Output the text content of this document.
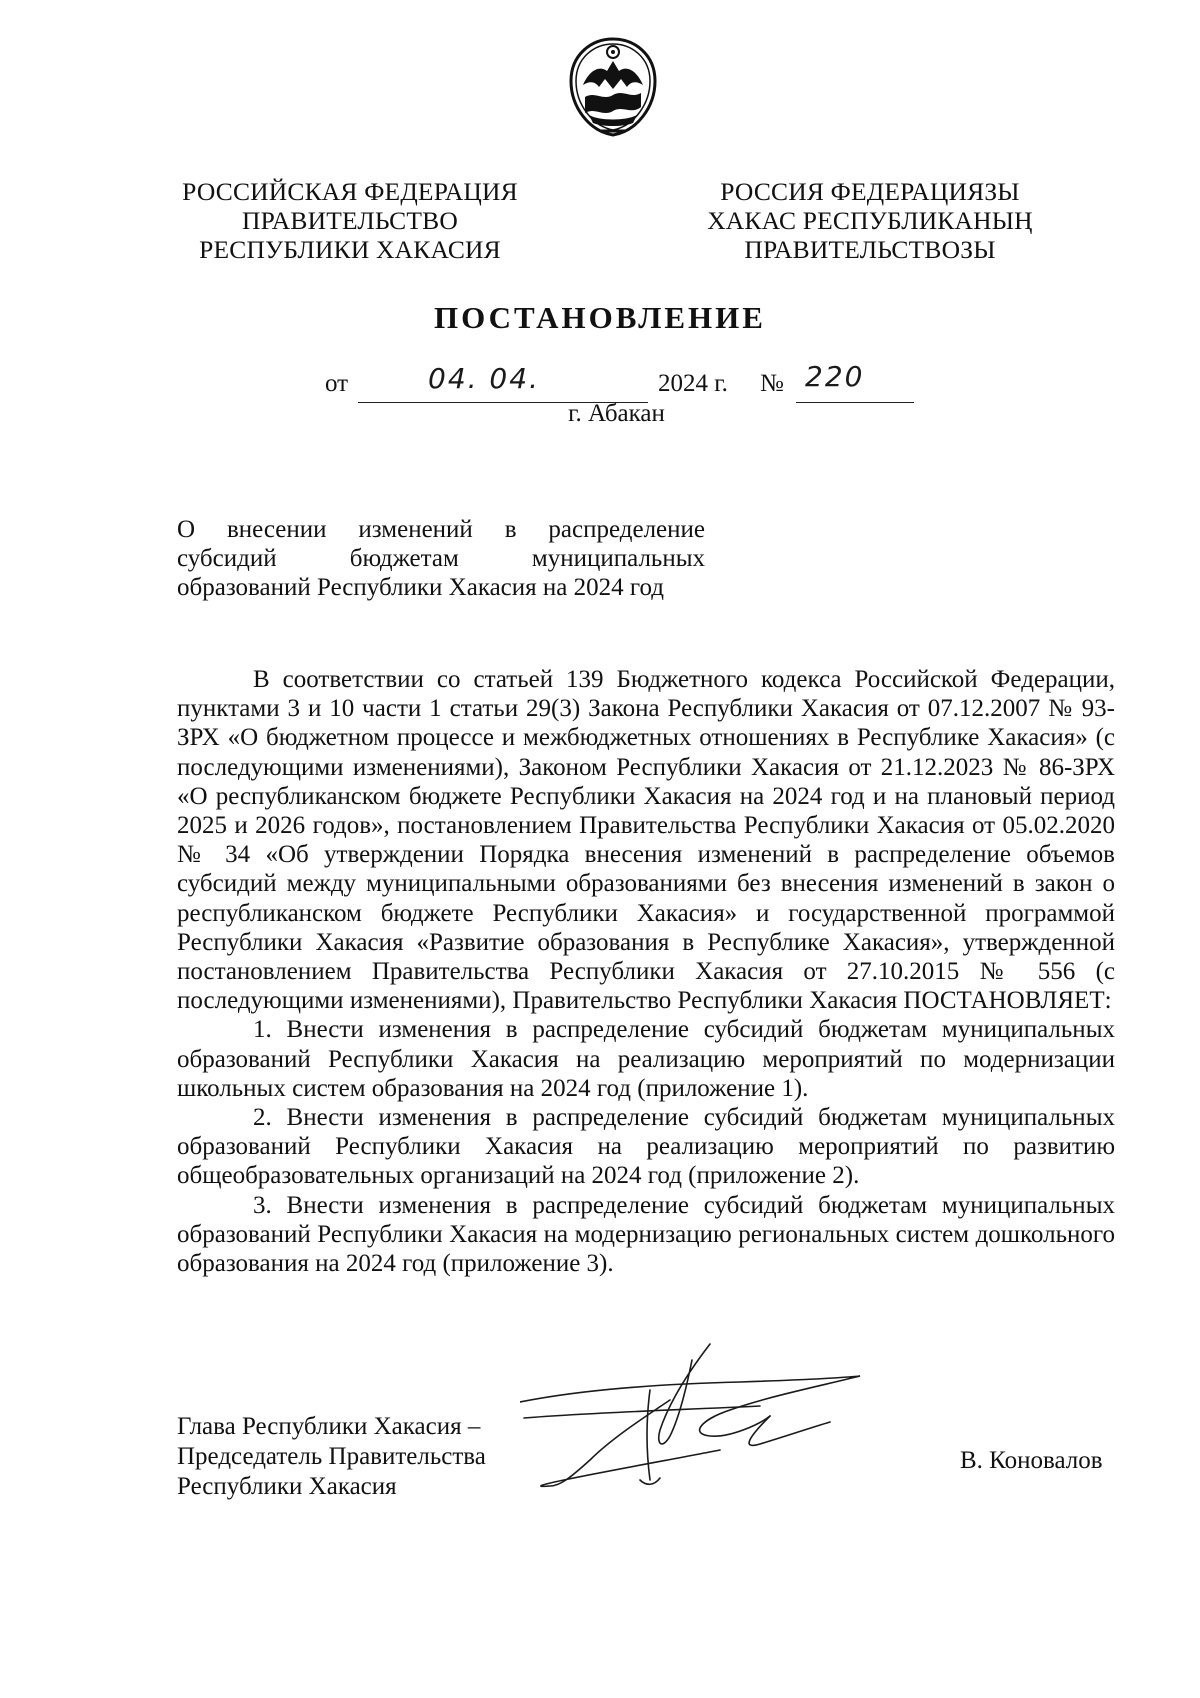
РОССИЙСКАЯ ФЕДЕРАЦИЯ
ПРАВИТЕЛЬСТВО
РЕСПУБЛИКИ ХАКАСИЯ
РОССИЯ ФЕДЕРАЦИЯЗЫ
ХАКАС РЕСПУБЛИКАНЫҢ
ПРАВИТЕЛЬСТВОЗЫ
ПОСТАНОВЛЕНИЕ
от	04. 04.	2024 г. № 220
г. Абакан
О внесении изменений в распределение
субсидий бюджетам муниципальных
образований Республики Хакасия на 2024 год

В соответствии со статьей 139 Бюджетного кодекса Российской Федерации, пунктами 3 и 10 части 1 статьи 29(3) Закона Республики Хакасия от 07.12.2007 № 93-ЗРХ «О бюджетном процессе и межбюджетных отношениях в Республике Хакасия» (с последующими изменениями), Законом Республики Хакасия от 21.12.2023 № 86-ЗРХ «О республиканском бюджете Республики Хакасия на 2024 год и на плановый период 2025 и 2026 годов», постановлением Правительства Республики Хакасия от 05.02.2020 № 34 «Об утверждении Порядка внесения изменений в распределение объемов субсидий между муниципальными образованиями без внесения изменений в закон о республиканском бюджете Республики Хакасия» и государственной программой Республики Хакасия «Развитие образования в Республике Хакасия», утвержденной постановлением Правительства Республики Хакасия от 27.10.2015 № 556 (с последующими изменениями), Правительство Республики Хакасия ПОСТАНОВЛЯЕТ:

1. Внести изменения в распределение субсидий бюджетам муниципальных образований Республики Хакасия на реализацию мероприятий по модернизации школьных систем образования на 2024 год (приложение 1).

2. Внести изменения в распределение субсидий бюджетам муниципальных образований Республики Хакасия на реализацию мероприятий по развитию общеобразовательных организаций на 2024 год (приложение 2).

3. Внести изменения в распределение субсидий бюджетам муниципальных образований Республики Хакасия на модернизацию региональных систем дошкольного образования на 2024 год (приложение 3).

Глава Республики Хакасия –
Председатель Правительства
Республики Хакасия
В. Коновалов
